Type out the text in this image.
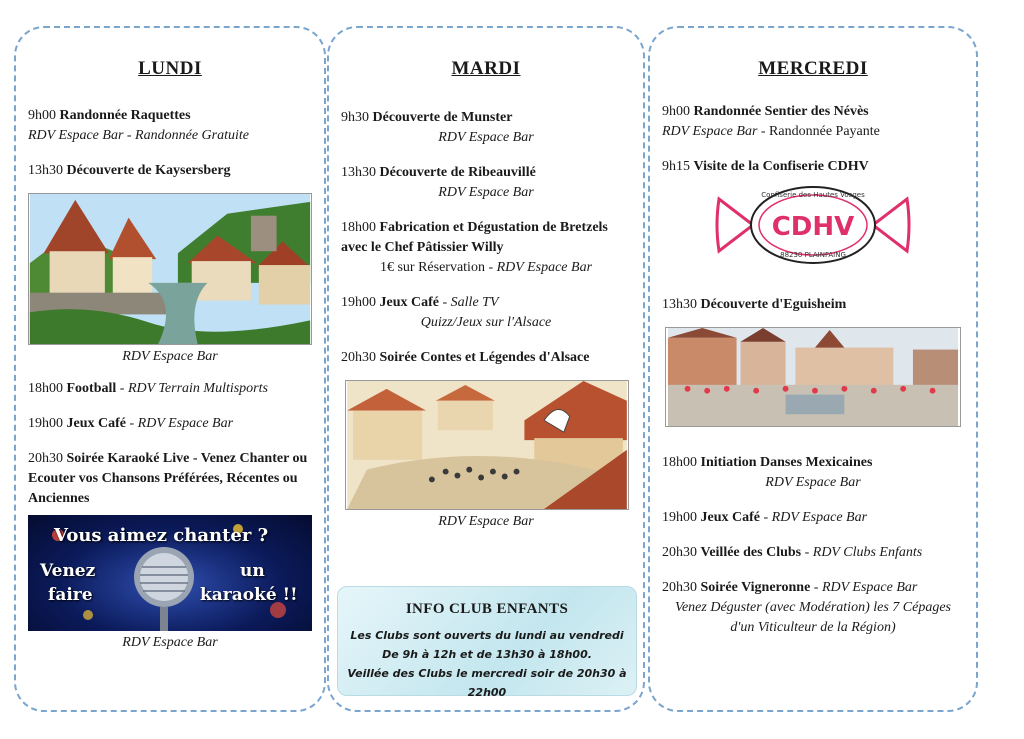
LUNDI
9h00 Randonnée Raquettes
RDV Espace Bar - Randonnée Gratuite
13h30 Découverte de Kaysersberg
RDV Espace Bar
18h00 Football - RDV Terrain Multisports
19h00 Jeux Café - RDV Espace Bar
20h30 Soirée Karaoké Live - Venez Chanter ou Ecouter vos Chansons Préférées, Récentes ou Anciennes
Vous aimez chanter ?
Venez	un
faire	karaoké !!
RDV Espace Bar
MARDI
9h30 Découverte de Munster

RDV Espace Bar
13h30 Découverte de Ribeauvillé

RDV Espace Bar
18h00 Fabrication et Dégustation de Bretzels avec le Chef Pâtissier Willy
1€ sur Réservation - RDV Espace Bar
19h00 Jeux Café - Salle TV
Quizz/Jeux sur l'Alsace
20h30 Soirée Contes et Légendes d'Alsace
RDV Espace Bar
INFO CLUB ENFANTS
Les Clubs sont ouverts du lundi au vendredi
De 9h à 12h et de 13h30 à 18h00.
Veillée des Clubs le mercredi soir de 20h30 à 22h00
MERCREDI
9h00 Randonnée Sentier des Névès
RDV Espace Bar - Randonnée Payante
9h15 Visite de la Confiserie CDHV
Confiserie des Hautes Vosges
CDHV
88230 PLAINFAING
13h30 Découverte d'Eguisheim
18h00 Initiation Danses Mexicaines
RDV Espace Bar
19h00 Jeux Café - RDV Espace Bar
20h30 Veillée des Clubs - RDV Clubs Enfants
20h30 Soirée Vigneronne - RDV Espace Bar
Venez Déguster (avec Modération) les 7 Cépages d'un Viticulteur de la Région)
